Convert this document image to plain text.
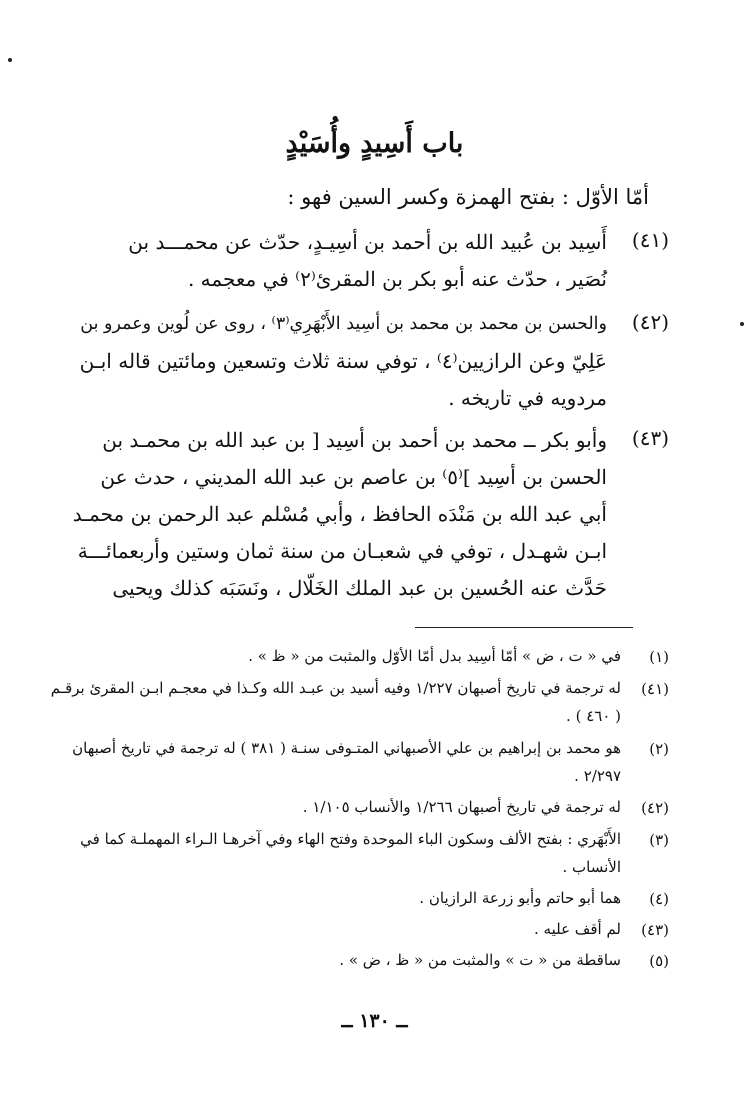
باب أَسِيدٍ وأُسَيْدٍ
أمّا الأوّل : بفتح الهمزة وكسر السين فهو :
(٤١)
أَسِيد بن عُبيد الله بن أحمد بن أسِيـدٍ، حدّث عن محمـــد بن
نُصَير ، حدّث عنه أبو بكر بن المقرئ⁽٢⁾ في معجمه .
(٤٢)
والحسن بن محمد بن محمد بن أسِيد الأَبْهَرِي⁽٣⁾ ، روى عن لُوين وعمرو بن
عَلِيّ وعن الرازيين⁽٤⁾ ، توفي سنة ثلاث وتسعين ومائتين قاله ابـن
مردويه في تاريخه .
(٤٣)
وأبو بكر ــ محمد بن أحمد بن أسِيد [ بن عبد الله بن محمـد بن
الحسن بن أسِيد ]⁽٥⁾ بن عاصم بن عبد الله المديني ، حدث عن
أبي عبد الله بن مَنْدَه الحافظ ، وأبي مُسْلم عبد الرحمن بن محمـد
ابـن شهـدل ، توفي في شعبـان من سنة ثمان وستين وأربعمائـــة
حَدَّث عنه الحُسين بن عبد الملك الخَلّال ، ونَسَبَه كذلك ويحيى
(١)
في « ت ، ض » أمّا أسِيد بدل أمّا الأوّل والمثبت من « ظ » .
(٤١)
له ترجمة في تاريخ أصبهان ١/٢٢٧ وفيه أسيد بن عبـد الله وكـذا في معجـم ابـن المقرئ برقـم
( ٤٦٠ ) .
(٢)
هو محمد بن إبراهيم بن علي الأصبهاني المتـوفى سنـة ( ٣٨١ ) له ترجمة في تاريخ أصبهان
٢/٢٩٧ .
(٤٢)
له ترجمة في تاريخ أصبهان ١/٢٦٦ والأنساب ١/١٠٥ .
(٣)
الأَبْهَري : بفتح الألف وسكون الباء الموحدة وفتح الهاء وفي آخرهـا الـراء المهملـة كما في
الأنساب .
(٤)
هما أبو حاتم وأبو زرعة الرازيان .
(٤٣)
لم أقف عليه .
(٥)
ساقطة من « ت » والمثبت من « ظ ، ض » .
ــ ١٣٠ ــ
